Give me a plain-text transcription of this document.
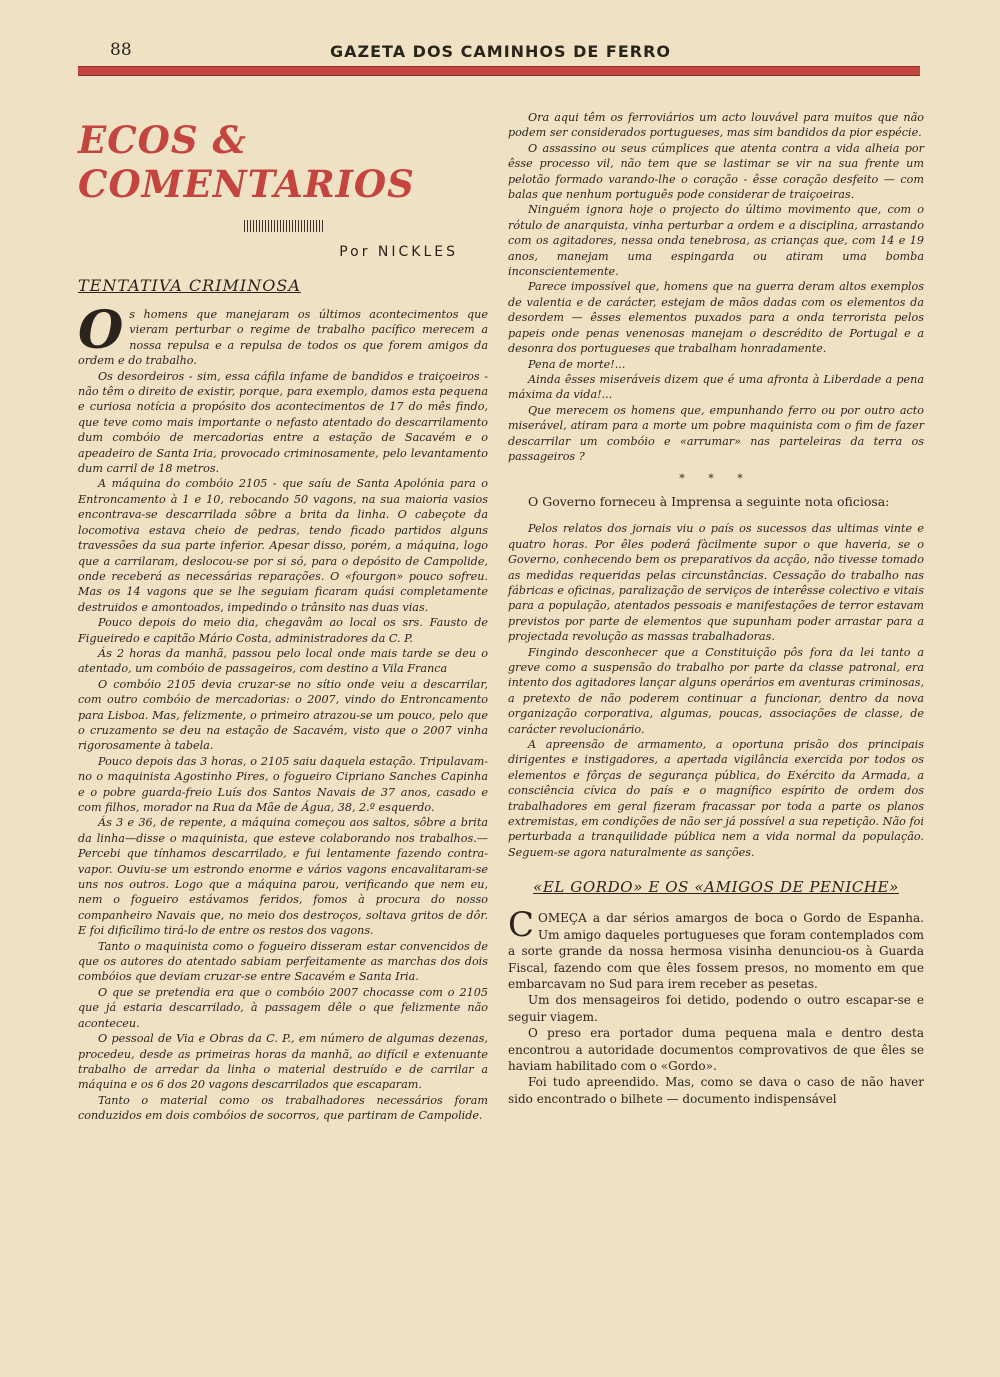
88	GAZETA DOS CAMINHOS DE FERRO
ECOS & COMENTARIOS
Por NICKLES
TENTATIVA CRIMINOSA

Os homens que manejaram os últimos acontecimentos que vieram perturbar o regime de trabalho pacífico merecem a nossa repulsa e a repulsa de todos os que forem amigos da ordem e do trabalho.

Os desordeiros - sim, essa cáfila infame de bandidos e traiçoeiros - não têm o direito de existir, porque, para exemplo, damos esta pequena e curiosa notícia a propósito dos acontecimentos de 17 do mês findo, que teve como mais importante o nefasto atentado do descarrilamento dum combóio de mercadorias entre a estação de Sacavém e o apeadeiro de Santa Iria, provocado criminosamente, pelo levantamento dum carril de 18 metros.

A máquina do combóio 2105 - que saíu de Santa Apolónia para o Entroncamento à 1 e 10, rebocando 50 vagons, na sua maioria vasios encontrava-se descarrilada sôbre a brita da linha. O cabeçote da locomotiva estava cheio de pedras, tendo ficado partidos alguns travessões da sua parte inferior. Apesar disso, porém, a máquina, logo que a carrilaram, deslocou-se por si só, para o depósito de Campolide, onde receberá as necessárias reparações. O «fourgon» pouco sofreu. Mas os 14 vagons que se lhe seguiam ficaram quási completamente destruidos e amontoados, impedindo o trânsito nas duas vias.

Pouco depois do meio dia, chegavâm ao local os srs. Fausto de Figueiredo e capitão Mário Costa, administradores da C. P.

Ás 2 horas da manhã, passou pelo local onde mais tarde se deu o atentado, um combóio de passageiros, com destino a Vila Franca

O combóio 2105 devia cruzar-se no sítio onde veiu a descarrilar, com outro combóio de mercadorias: o 2007, vindo do Entroncamento para Lisboa. Mas, felizmente, o primeiro atrazou-se um pouco, pelo que o cruzamento se deu na estação de Sacavém, visto que o 2007 vinha rigorosamente à tabela.

Pouco depois das 3 horas, o 2105 saiu daquela estação. Tripulavam-no o maquinista Agostinho Pires, o fogueiro Cipriano Sanches Capinha e o pobre guarda-freio Luís dos Santos Navais de 37 anos, casado e com filhos, morador na Rua da Mãe de Água, 38, 2.º esquerdo.

Ás 3 e 36, de repente, a máquina começou aos saltos, sôbre a brita da linha—disse o maquinista, que esteve colaborando nos trabalhos.— Percebi que tínhamos descarrilado, e fui lentamente fazendo contra-vapor. Ouviu-se um estrondo enorme e vários vagons encavalitaram-se uns nos outros. Logo que a máquina parou, verificando que nem eu, nem o fogueiro estávamos feridos, fomos à procura do nosso companheiro Navais que, no meio dos destroços, soltava gritos de dôr. E foi dificílimo tirá-lo de entre os restos dos vagons.

Tanto o maquinista como o fogueiro disseram estar convencidos de que os autores do atentado sabiam perfeitamente as marchas dos dois combóios que deviam cruzar-se entre Sacavém e Santa Iria.

O que se pretendia era que o combóio 2007 chocasse com o 2105 que já estaria descarrilado, à passagem dêle o que felizmente não aconteceu.

O pessoal de Via e Obras da C. P., em número de algumas dezenas, procedeu, desde as primeiras horas da manhã, ao difícil e extenuante trabalho de arredar da linha o material destruído e de carrilar a máquina e os 6 dos 20 vagons descarrilados que escaparam.

Tanto o material como os trabalhadores necessários foram conduzidos em dois combóios de socorros, que partiram de Campolide.

Ora aqui têm os ferroviários um acto louvável para muitos que não podem ser considerados portugueses, mas sim bandidos da pior espécie.

O assassino ou seus cúmplices que atenta contra a vida alheia por êsse processo vil, não tem que se lastimar se vir na sua frente um pelotão formado varando-lhe o coração - êsse coração desfeito — com balas que nenhum português pode considerar de traiçoeiras.

Ninguém ignora hoje o projecto do último movimento que, com o rótulo de anarquista, vinha perturbar a ordem e a disciplina, arrastando com os agitadores, nessa onda tenebrosa, as crianças que, com 14 e 19 anos, manejam uma espingarda ou atiram uma bomba inconscientemente.

Parece impossível que, homens que na guerra deram altos exemplos de valentia e de carácter, estejam de mãos dadas com os elementos da desordem — êsses elementos puxados para a onda terrorista pelos papeis onde penas venenosas manejam o descrédito de Portugal e a desonra dos portugueses que trabalham honradamente.

Pena de morte!...

Ainda êsses miseráveis dizem que é uma afronta à Liberdade a pena máxima da vida!...

Que merecem os homens que, empunhando ferro ou por outro acto miserável, atiram para a morte um pobre maquinista com o fim de fazer descarrilar um combóio e «arrumar» nas parteleiras da terra os passageiros ?

* * *

O Governo forneceu à Imprensa a seguinte nota oficiosa:

Pelos relatos dos jornais viu o país os sucessos das ultimas vinte e quatro horas. Por êles poderá fàcilmente supor o que haveria, se o Governo, conhecendo bem os preparativos da acção, não tivesse tomado as medidas requeridas pelas circunstâncias. Cessação do trabalho nas fábricas e oficinas, paralização de serviços de interêsse colectivo e vitais para a população, atentados pessoais e manifestações de terror estavam previstos por parte de elementos que supunham poder arrastar para a projectada revolução as massas trabalhadoras.

Fingindo desconhecer que a Constituição pôs fora da lei tanto a greve como a suspensão do trabalho por parte da classe patronal, era intento dos agitadores lançar alguns operários em aventuras criminosas, a pretexto de não poderem continuar a funcionar, dentro da nova organização corporativa, algumas, poucas, associações de classe, de carácter revolucionário.

A apreensão de armamento, a oportuna prisão dos principais dirigentes e instigadores, a apertada vigilância exercida por todos os elementos e fôrças de segurança pública, do Exército da Armada, a consciência cívica do país e o magnífico espírito de ordem dos trabalhadores em geral fizeram fracassar por toda a parte os planos extremistas, em condições de não ser já possível a sua repetição. Não foi perturbada a tranquilidade pública nem a vida normal da população. Seguem-se agora naturalmente as sanções.

«EL GORDO» E OS «AMIGOS DE PENICHE»

COMEÇA a dar sérios amargos de boca o Gordo de Espanha. Um amigo daqueles portugueses que foram contemplados com a sorte grande da nossa hermosa visinha denunciou-os à Guarda Fiscal, fazendo com que êles fossem presos, no momento em que embarcavam no Sud para irem receber as pesetas.

Um dos mensageiros foi detido, podendo o outro escapar-se e seguir viagem.

O preso era portador duma pequena mala e dentro desta encontrou a autoridade documentos comprovativos de que êles se haviam habilitado com o «Gordo».

Foi tudo apreendido. Mas, como se dava o caso de não haver sido encontrado o bilhete — documento indispensável
